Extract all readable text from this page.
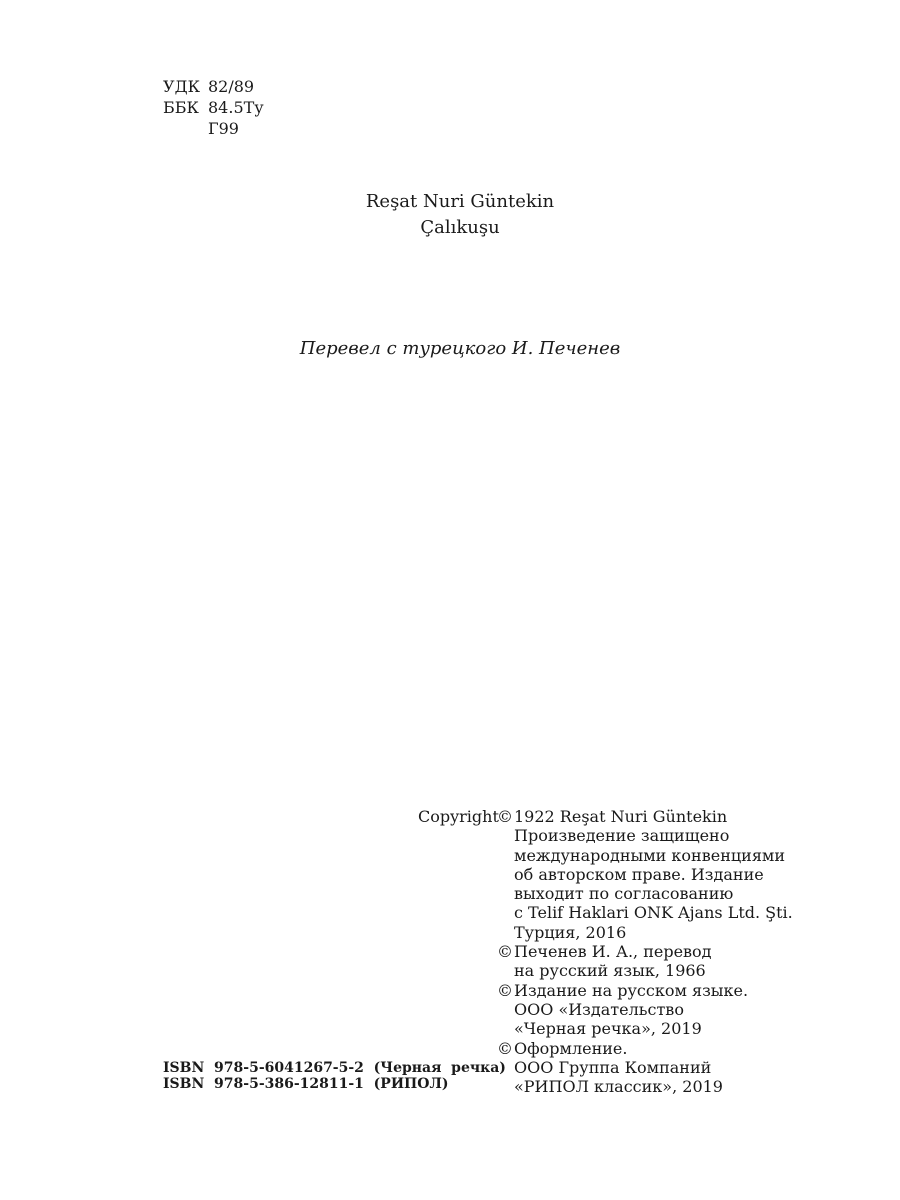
УДК 82/89
ББК 84.5Ту
Г99
Reşat Nuri Güntekin
Çalıkuşu
Перевел с турецкого И. Печенев
Copyright
© 1922 Reşat Nuri Güntekin
Произведение защищено
международными конвенциями
об авторском праве. Издание
выходит по согласованию
с Telif Haklari ONK Ajans Ltd. Şti.
Турция, 2016
© Печенев И. А., перевод
на русский язык, 1966
© Издание на русском языке.
ООО «Издательство
«Черная речка», 2019
© Оформление.
ООО Группа Компаний
«РИПОЛ классик», 2019
ISBN  978-5-6041267-5-2  (Черная  речка)
ISBN  978-5-386-12811-1  (РИПОЛ)
